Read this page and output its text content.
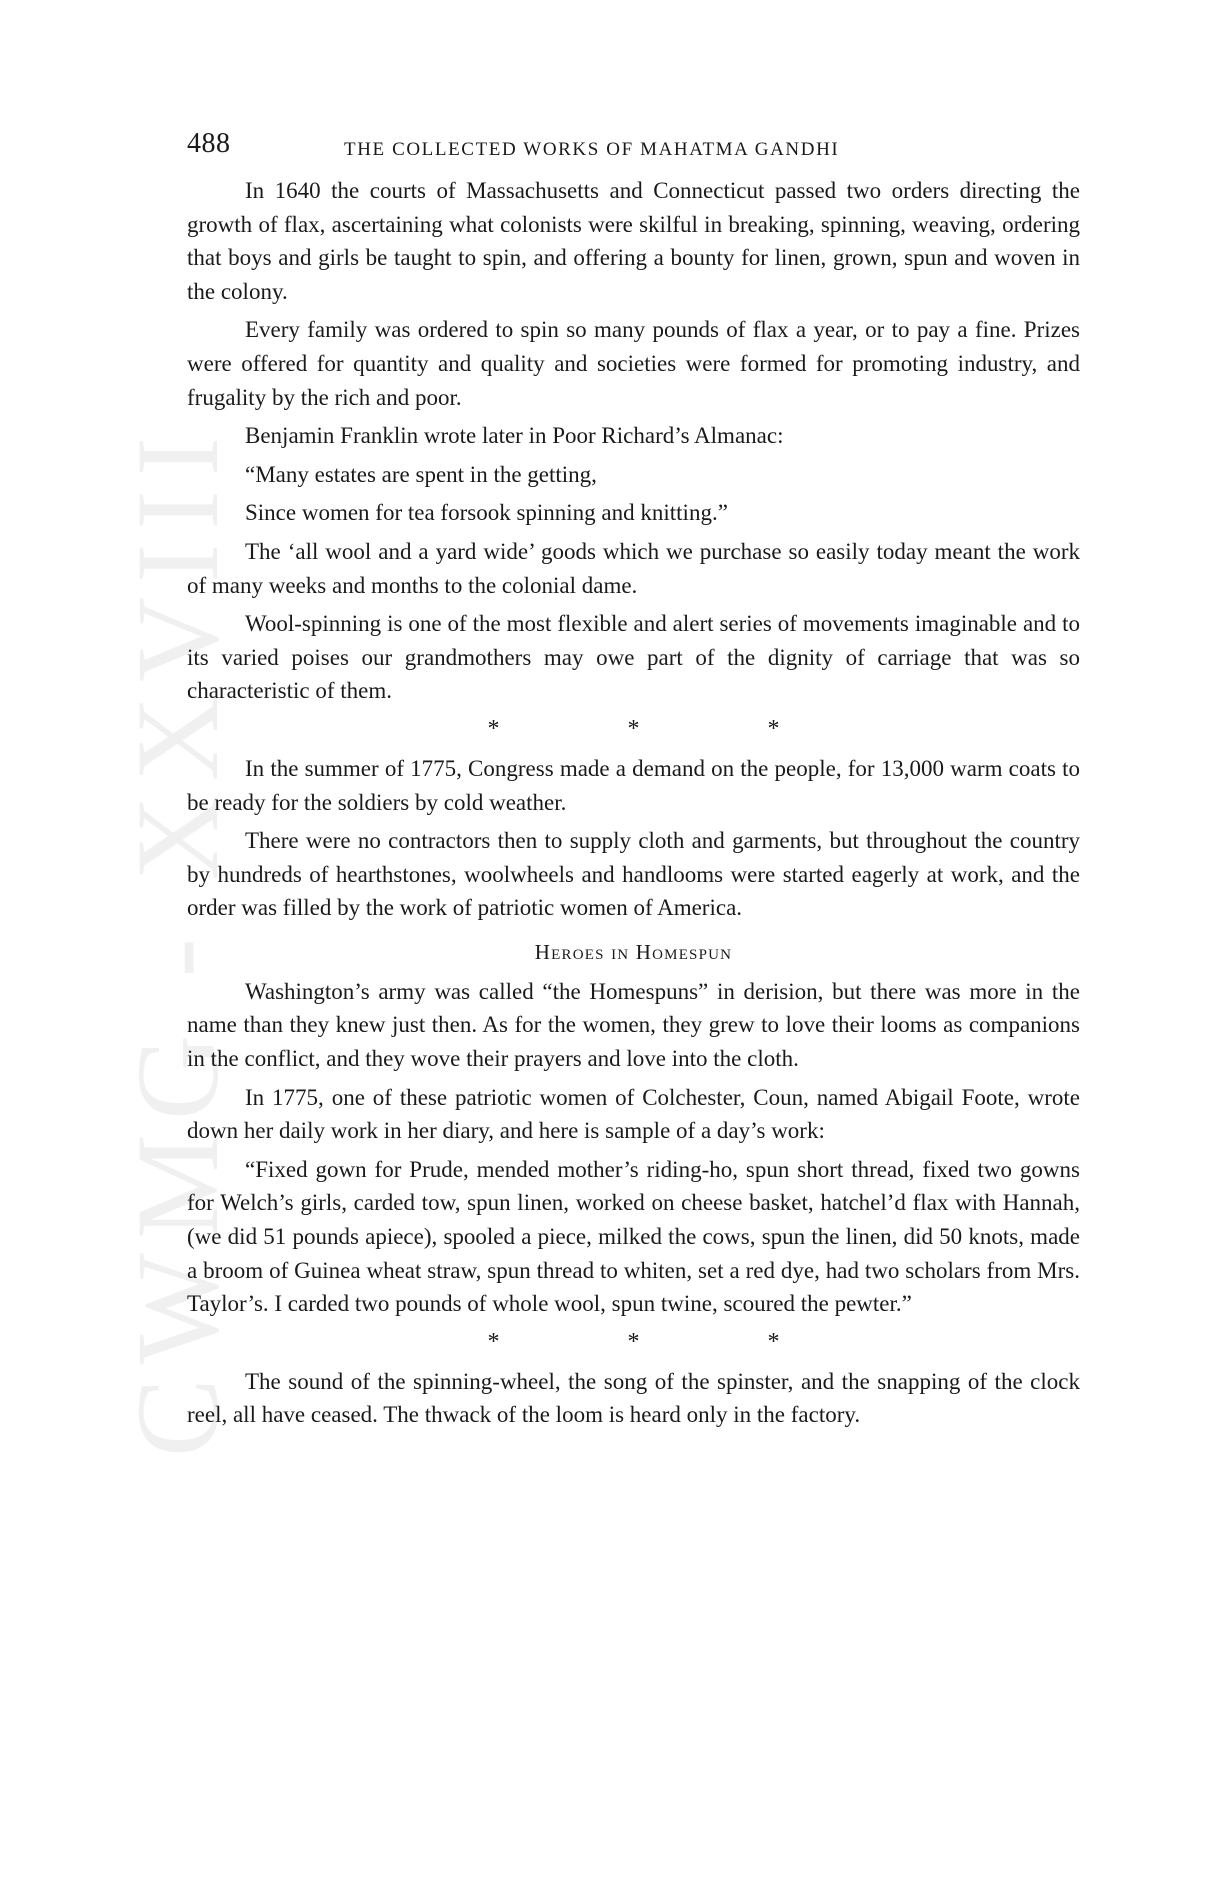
CWMG - XXVIII
488	THE COLLECTED WORKS OF MAHATMA GANDHI

In 1640 the courts of Massachusetts and Connecticut passed two orders directing the growth of flax, ascertaining what colonists were skilful in breaking, spinning, weaving, ordering that boys and girls be taught to spin, and offering a bounty for linen, grown, spun and woven in the colony.

Every family was ordered to spin so many pounds of flax a year, or to pay a fine. Prizes were offered for quantity and quality and societies were formed for promoting industry, and frugality by the rich and poor.

Benjamin Franklin wrote later in Poor Richard’s Almanac:

“Many estates are spent in the getting,

Since women for tea forsook spinning and knitting.”

The ‘all wool and a yard wide’ goods which we purchase so easily today meant the work of many weeks and months to the colonial dame.

Wool-spinning is one of the most flexible and alert series of movements imaginable and to its varied poises our grandmothers may owe part of the dignity of carriage that was so characteristic of them.

*	*	*

In the summer of 1775, Congress made a demand on the people, for 13,000 warm coats to be ready for the soldiers by cold weather.

There were no contractors then to supply cloth and garments, but throughout the country by hundreds of hearthstones, woolwheels and handlooms were started eagerly at work, and the order was filled by the work of patriotic women of America.

Heroes in Homespun

Washington’s army was called “the Homespuns” in derision, but there was more in the name than they knew just then. As for the women, they grew to love their looms as companions in the conflict, and they wove their prayers and love into the cloth.

In 1775, one of these patriotic women of Colchester, Coun, named Abigail Foote, wrote down her daily work in her diary, and here is sample of a day’s work:

“Fixed gown for Prude, mended mother’s riding-ho, spun short thread, fixed two gowns for Welch’s girls, carded tow, spun linen, worked on cheese basket, hatchel’d flax with Hannah, (we did 51 pounds apiece), spooled a piece, milked the cows, spun the linen, did 50 knots, made a broom of Guinea wheat straw, spun thread to whiten, set a red dye, had two scholars from Mrs. Taylor’s. I carded two pounds of whole wool, spun twine, scoured the pewter.”

*	*	*

The sound of the spinning-wheel, the song of the spinster, and the snapping of the clock reel, all have ceased. The thwack of the loom is heard only in the factory.
